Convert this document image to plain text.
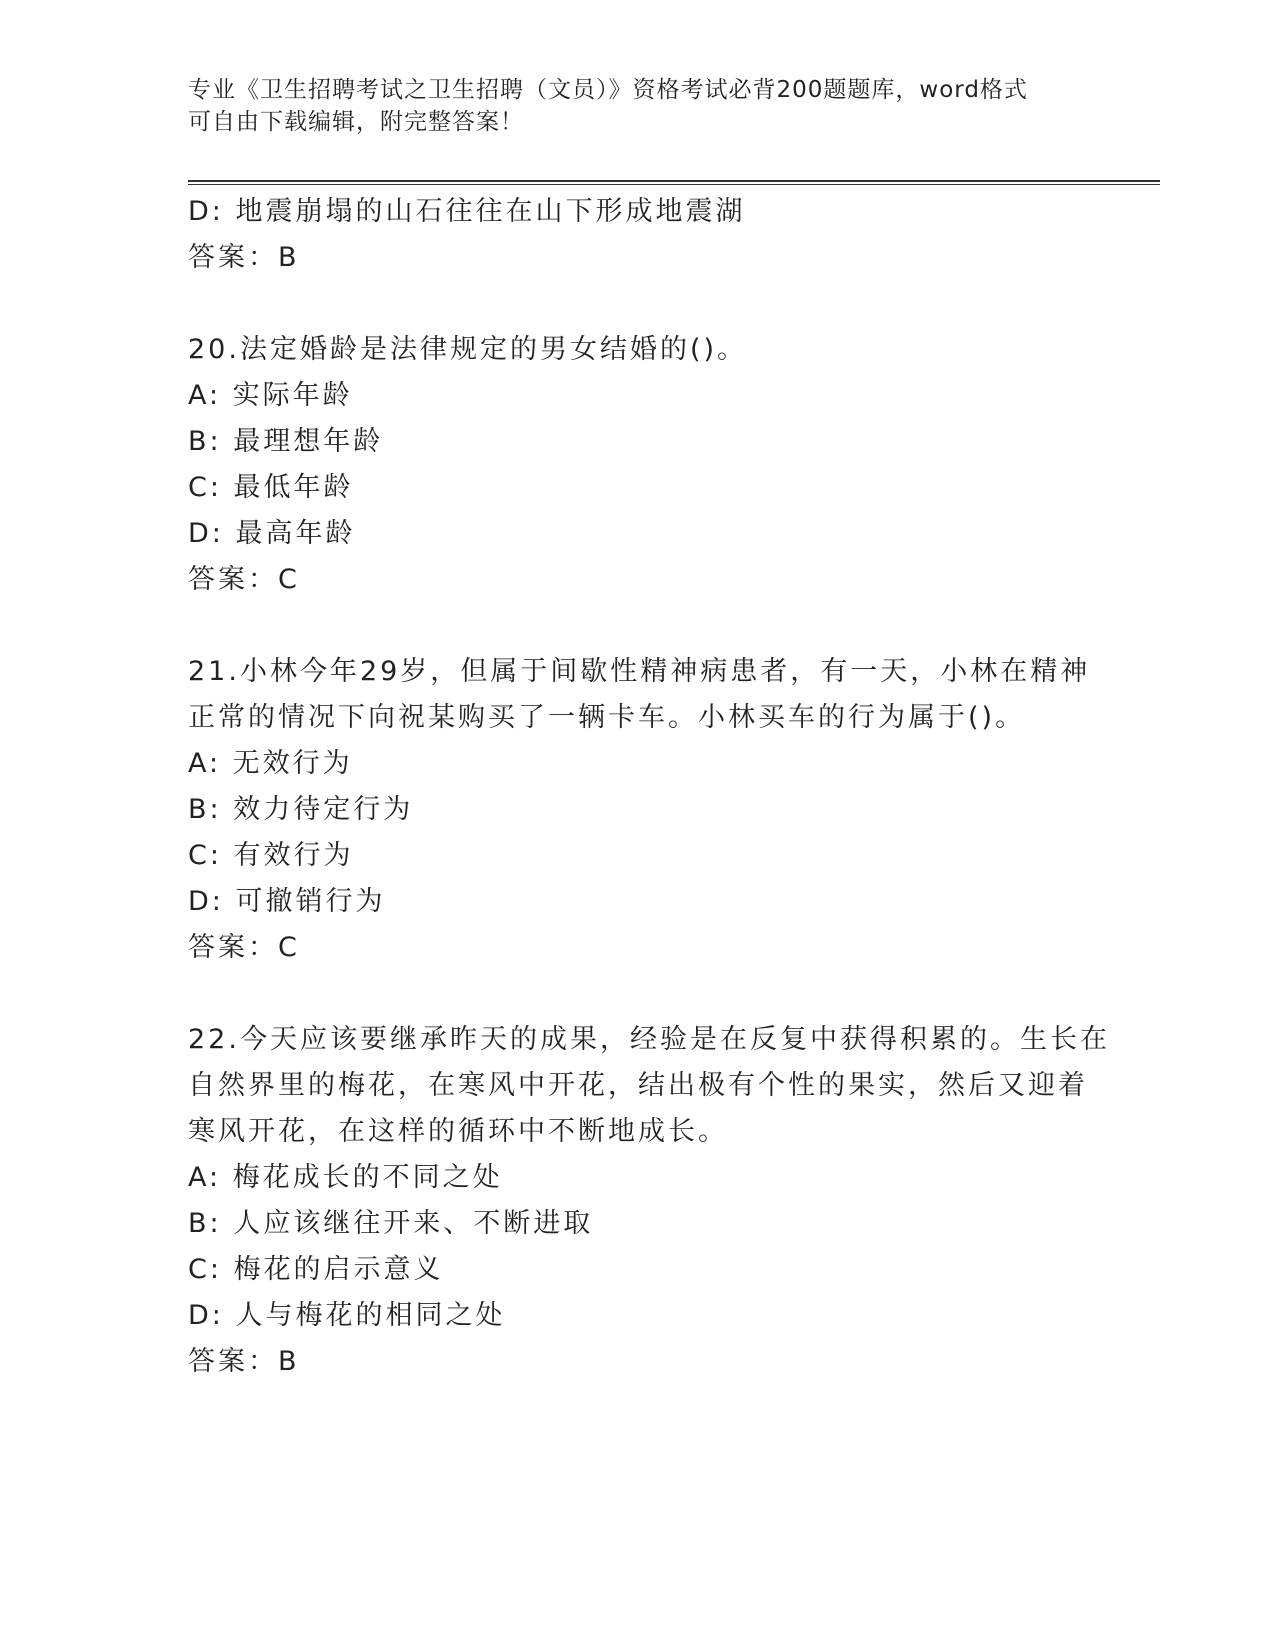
专业《卫生招聘考试之卫生招聘（文员）》资格考试必背200题题库，word格式
可自由下载编辑，附完整答案！
D: 地震崩塌的山石往往在山下形成地震湖
答案：B
20.法定婚龄是法律规定的男女结婚的()。
A: 实际年龄
B: 最理想年龄
C: 最低年龄
D: 最高年龄
答案：C
21.小林今年29岁，但属于间歇性精神病患者，有一天，小林在精神
正常的情况下向祝某购买了一辆卡车。小林买车的行为属于()。
A: 无效行为
B: 效力待定行为
C: 有效行为
D: 可撤销行为
答案：C
22.今天应该要继承昨天的成果，经验是在反复中获得积累的。生长在
自然界里的梅花，在寒风中开花，结出极有个性的果实，然后又迎着
寒风开花，在这样的循环中不断地成长。
A: 梅花成长的不同之处
B: 人应该继往开来、不断进取
C: 梅花的启示意义
D: 人与梅花的相同之处
答案：B
